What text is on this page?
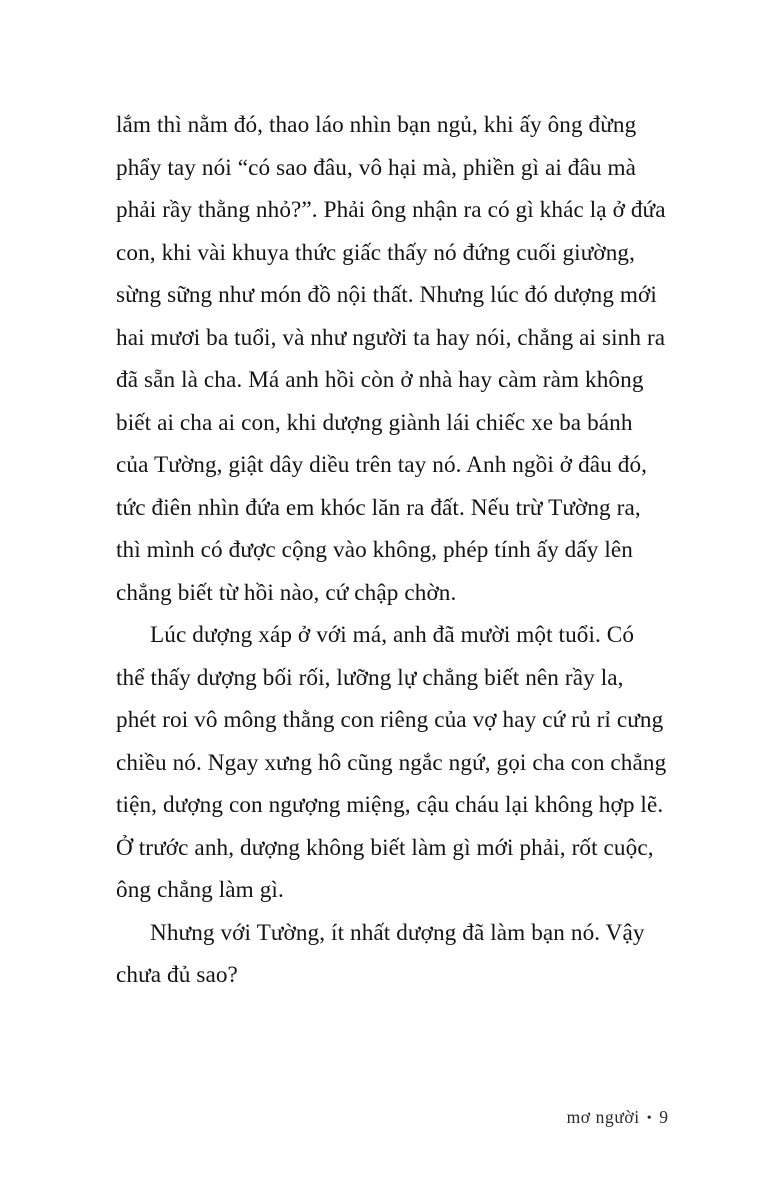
lắm thì nằm đó, thao láo nhìn bạn ngủ, khi ấy ông đừng phẩy tay nói “có sao đâu, vô hại mà, phiền gì ai đâu mà phải rầy thằng nhỏ?”. Phải ông nhận ra có gì khác lạ ở đứa con, khi vài khuya thức giấc thấy nó đứng cuối giường, sừng sững như món đồ nội thất. Nhưng lúc đó dượng mới hai mươi ba tuổi, và như người ta hay nói, chẳng ai sinh ra đã sẵn là cha. Má anh hồi còn ở nhà hay càm ràm không biết ai cha ai con, khi dượng giành lái chiếc xe ba bánh của Tường, giật dây diều trên tay nó. Anh ngồi ở đâu đó, tức điên nhìn đứa em khóc lăn ra đất. Nếu trừ Tường ra, thì mình có được cộng vào không, phép tính ấy dấy lên chẳng biết từ hồi nào, cứ chập chờn.

Lúc dượng xáp ở với má, anh đã mười một tuổi. Có thể thấy dượng bối rối, lưỡng lự chẳng biết nên rầy la, phét roi vô mông thằng con riêng của vợ hay cứ rủ rỉ cưng chiều nó. Ngay xưng hô cũng ngắc ngứ, gọi cha con chẳng tiện, dượng con ngượng miệng, cậu cháu lại không hợp lẽ. Ở trước anh, dượng không biết làm gì mới phải, rốt cuộc, ông chẳng làm gì.

Nhưng với Tường, ít nhất dượng đã làm bạn nó. Vậy chưa đủ sao?

mơ người • 9
